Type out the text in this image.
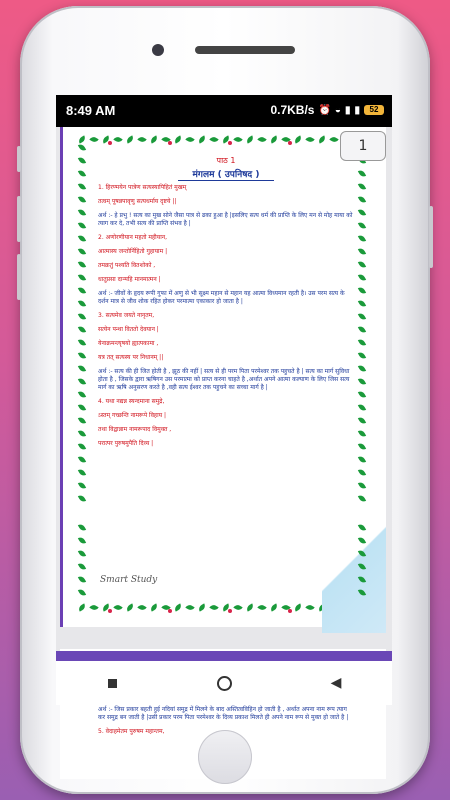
8:49 AM	0.7KB/s ⏰ ◒ ▮ ▮	52
पाठ 1
मंगलम ( उपनिषद )
1. हिरण्मयेन पात्रेण सत्यस्यापिहितं मुखम्
तत्वम् पूषन्नपावृणु सत्यधर्माय दृष्टये ||
अर्थ :- हे प्रभु ! सत्य का मुख सोने जैसा पात्र से ढका हुआ है |इसलिए सत्य धर्म की प्राप्ति के लिए मन से मोह माया को त्याग कर दे, तभी सत्य की प्राप्ति संभव है |
2. अणोरणीयान महतो महीयान,
आत्मास्य जन्तोर्निहितो गुहायाम |
तमक्रतुं पश्यति वितशोको ,
धातुप्रसा दान्महि मानमात्मन |
अर्थ :- जीवों के हृदय रूपी गुफा में अणु से भी सूक्ष्म महान से महान यह आत्मा विध्यमान रहती है। उस परम सत्य के दर्शन मात्र से जीव शोक रहित होकर परमात्मा एकाकार हो जाता है |
3. सत्यमेव जयते नानृतम,
सत्येन पन्था विततो देवयान |
येनाक्रमन्त्यृषयो ह्यात्पकामा ,
यत्र तत् सत्यस्य पर निधानम् ||
अर्थ :- सत्य की ही जित होती है , झूठ की नहीं | सत्य से ही परम पिता परमेश्वर तक पहुचते है | सत्य का मार्ग सुविधा होता है , जिसके द्वारा ऋषिगन उस परमात्मा को प्राप्त करना चाहते है ,अर्थात अपने आत्मा कल्याण के लिए जिस सत्य मार्ग का ऋषि अनुसरण करते है ,वही सत्य ईश्वर तक पहुचने का सच्चा मार्ग है |
4. यथा नद्यन्न स्यन्दमाना समुद्रे,
ऽस्तम् गच्छन्ति नामरूपे विहाय |
तथा विद्वान्नाम नामरूपाद विमुक्त ,
परात्पर पुरुषमुपैति दिव्य |
Smart Study
अर्थ :- जिस प्रकार बहती हुई नदियां समुद्र में मिलने के बाद अस्तित्वविहिन हो जाती है , अर्थात अपना नाम रूप त्याग कर समुद्र बन जाती है |उसी प्रकार परम पिता परमेश्वर के दिव्य प्रकाश मिलते ही अपने नाम रूप से मुक्त हो जाते है |
5. वेदाहमेतम पुरुषम महान्तम,
1
◀
